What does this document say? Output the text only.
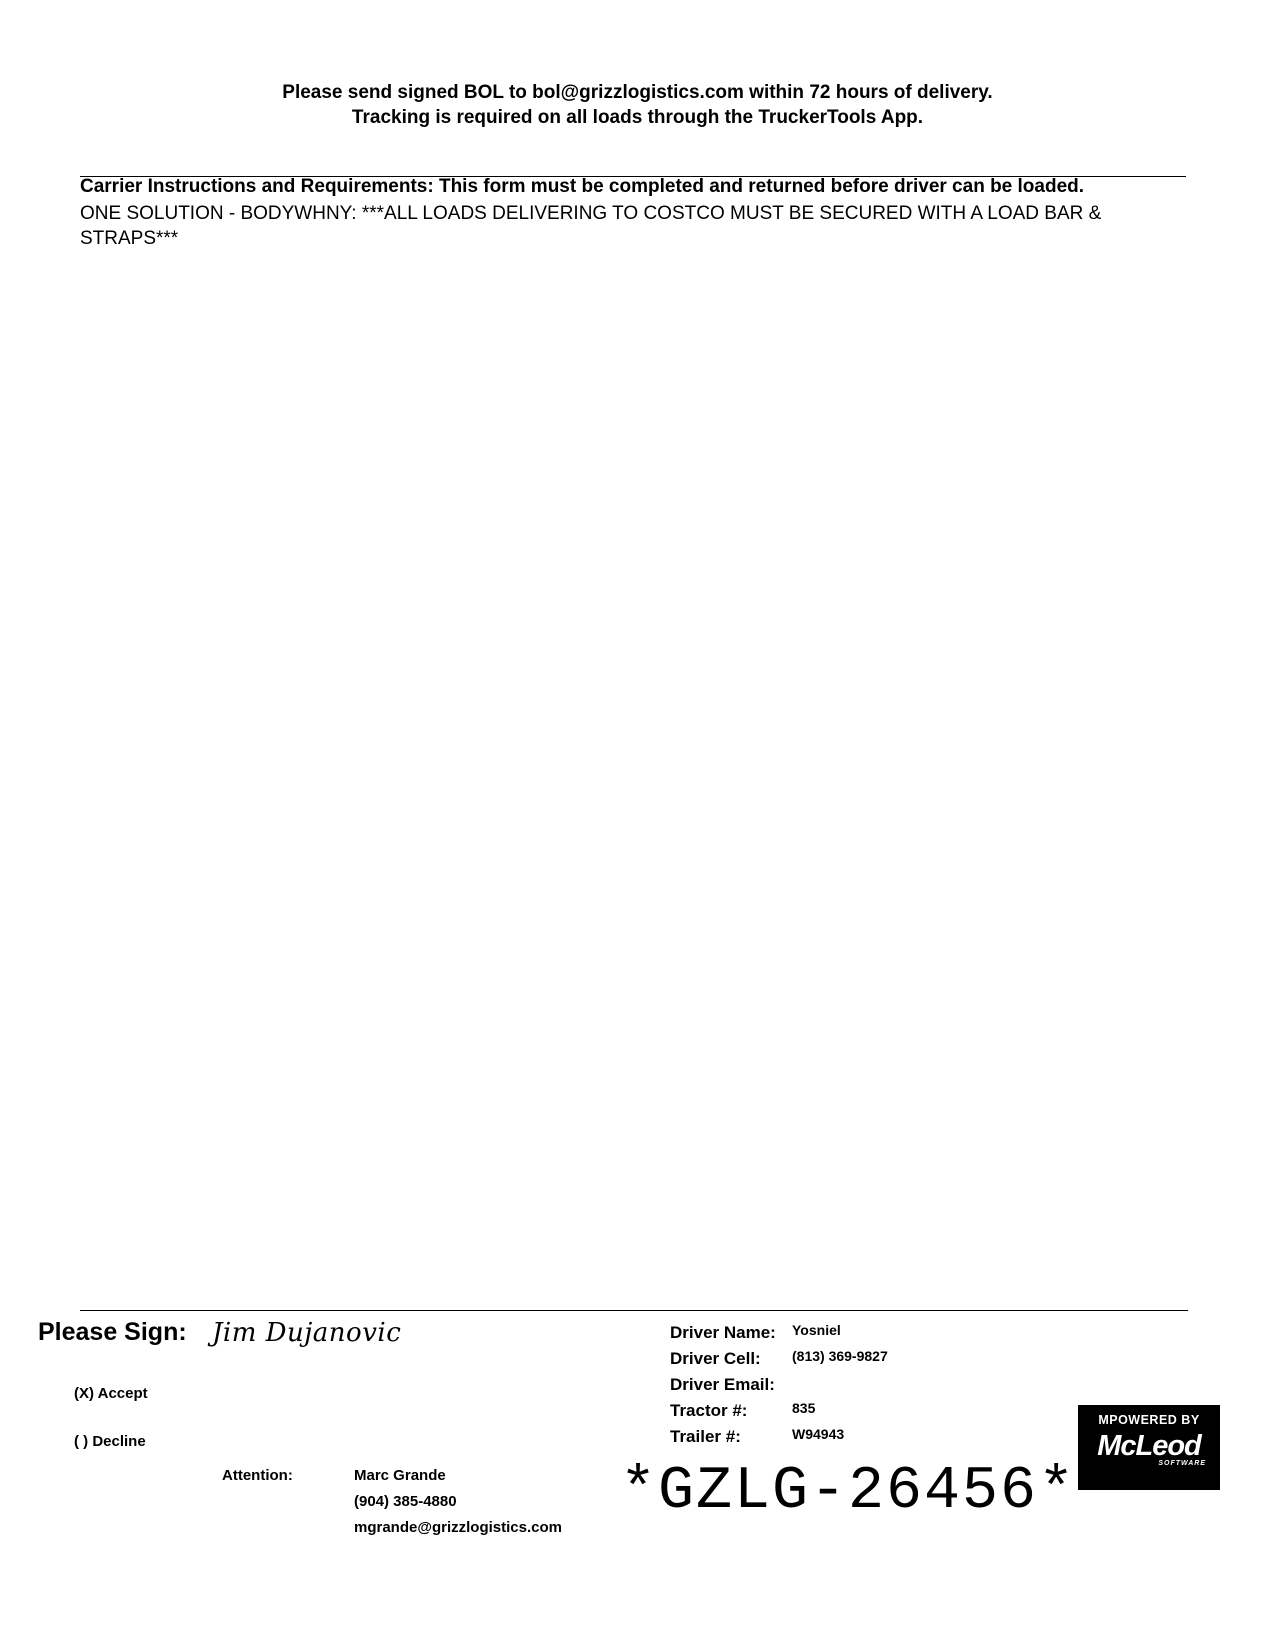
Please send signed BOL to bol@grizzlogistics.com within 72 hours of delivery.
Tracking is required on all loads through the TruckerTools App.
Carrier Instructions and Requirements: This form must be completed and returned before driver can be loaded.
ONE SOLUTION - BODYWHNY: ***ALL LOADS DELIVERING TO COSTCO MUST BE SECURED WITH A LOAD BAR & STRAPS***
Please Sign: Jim Dujanovic
(X) Accept
( ) Decline
Attention:	Marc Grande
(904) 385-4880
mgrande@grizzlogistics.com
Driver Name: Yosniel
Driver Cell: (813) 369-9827
Driver Email:
Tractor #:	835
Trailer #:	W94943
*GZLG-26456*
MPOWERED BY
McLeod
SOFTWARE
